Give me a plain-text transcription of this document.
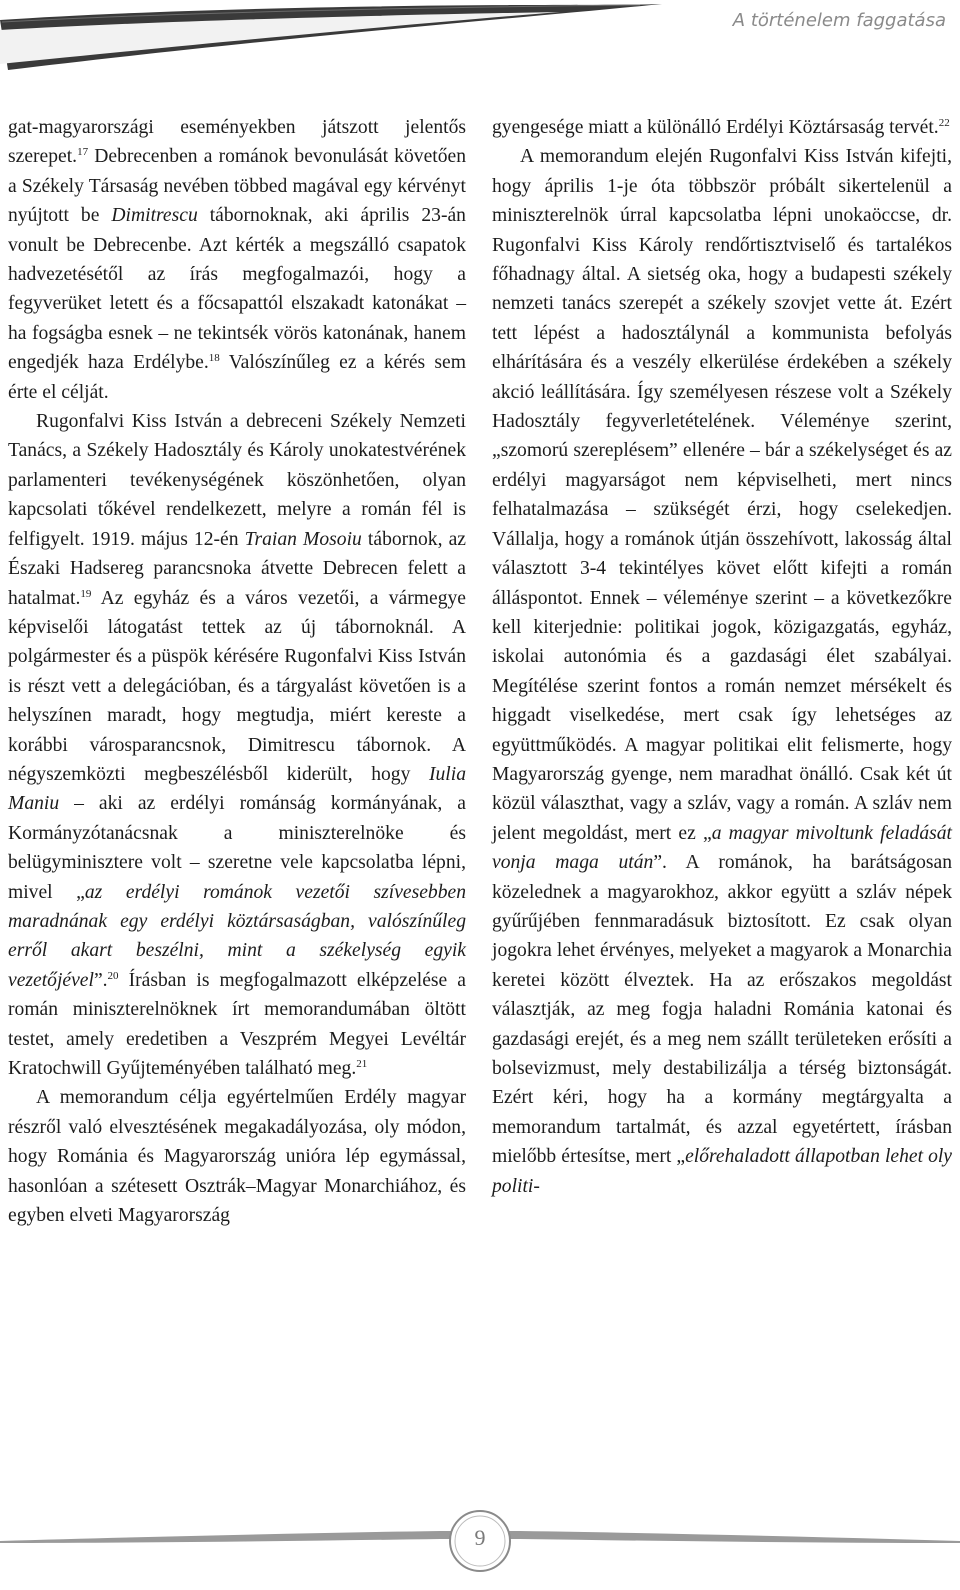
A történelem faggatása

gat-magyarországi eseményekben játszott jelentős szerepet.$^{17}$ Debrecenben a románok bevonulását követően a Székely Társaság nevében többed magával egy kérvényt nyújtott be Dimitrescu tábornoknak, aki április 23-án vonult be Debrecenbe. Azt kérték a megszálló csapatok hadvezetésétől az írás megfogalmazói, hogy a fegyverüket letett és a főcsapattól elszakadt katonákat – ha fogságba esnek – ne tekintsék vörös katonának, hanem engedjék haza Erdélybe.$^{18}$ Valószínűleg ez a kérés sem érte el célját.

Rugonfalvi Kiss István a debreceni Székely Nemzeti Tanács, a Székely Hadosztály és Károly unokatestvérének parlamenteri tevékenységének köszönhetően, olyan kapcsolati tőkével rendelkezett, melyre a román fél is felfigyelt. 1919. május 12-én Traian Mosoiu tábornok, az Északi Hadsereg parancsnoka átvette Debrecen felett a hatalmat.$^{19}$ Az egyház és a város vezetői, a vármegye képviselői látogatást tettek az új tábornoknál. A polgármester és a püspök kérésére Rugonfalvi Kiss István is részt vett a delegációban, és a tárgyalást követően is a helyszínen maradt, hogy megtudja, miért kereste a korábbi városparancsnok, Dimitrescu tábornok. A négyszemközti megbeszélésből kiderült, hogy Iulia Maniu – aki az erdélyi románság kormányának, a Kormányzótanácsnak a miniszterelnöke és belügyminisztere volt – szeretne vele kapcsolatba lépni, mivel „az erdélyi románok vezetői szívesebben maradnának egy erdélyi köztársaságban, valószínűleg erről akart beszélni, mint a székelység egyik vezetőjével”.$^{20}$ Írásban is megfogalmazott elképzelése a román miniszterelnöknek írt memorandumában öltött testet, amely eredetiben a Veszprém Megyei Levéltár Kratochwill Gyűjteményében található meg.$^{21}$

A memorandum célja egyértelműen Erdély magyar részről való elvesztésének megakadályozása, oly módon, hogy Románia és Magyarország unióra lép egymással, hasonlóan a szétesett Osztrák–Magyar Monarchiához, és egyben elveti Magyarország

gyengesége miatt a különálló Erdélyi Köztársaság tervét.$^{22}$

A memorandum elején Rugonfalvi Kiss István kifejti, hogy április 1-je óta többször próbált sikertelenül a miniszterelnök úrral kapcsolatba lépni unokaöccse, dr. Rugonfalvi Kiss Károly rendőrtisztviselő és tartalékos főhadnagy által. A sietség oka, hogy a budapesti székely nemzeti tanács szerepét a székely szovjet vette át. Ezért tett lépést a hadosztálynál a kommunista befolyás elhárítására és a veszély elkerülése érdekében a székely akció leállítására. Így személyesen részese volt a Székely Hadosztály fegyverletételének. Véleménye szerint, „szomorú szereplésem” ellenére – bár a székelységet és az erdélyi magyarságot nem képviselheti, mert nincs felhatalmazása – szükségét érzi, hogy cselekedjen. Vállalja, hogy a románok útján összehívott, lakosság által választott 3-4 tekintélyes követ előtt kifejti a román álláspontot. Ennek – véleménye szerint – a következőkre kell kiterjednie: politikai jogok, közigazgatás, egyház, iskolai autonómia és a gazdasági élet szabályai. Megítélése szerint fontos a román nemzet mérsékelt és higgadt viselkedése, mert csak így lehetséges az együttműködés. A magyar politikai elit felismerte, hogy Magyarország gyenge, nem maradhat önálló. Csak két út közül választhat, vagy a szláv, vagy a román. A szláv nem jelent megoldást, mert ez „a magyar mivoltunk feladását vonja maga után”. A románok, ha barátságosan közelednek a magyarokhoz, akkor együtt a szláv népek gyűrűjében fennmaradásuk biztosított. Ez csak olyan jogokra lehet érvényes, melyeket a magyarok a Monarchia keretei között élveztek. Ha az erőszakos megoldást választják, az meg fogja haladni Románia katonai és gazdasági erejét, és a meg nem szállt területeken erősíti a bolsevizmust, mely destabilizálja a térség biztonságát. Ezért kéri, hogy ha a kormány megtárgyalta a memorandum tartalmát, és azzal egyetértett, írásban mielőbb értesítse, mert „előrehaladott állapotban lehet oly politi-

9
